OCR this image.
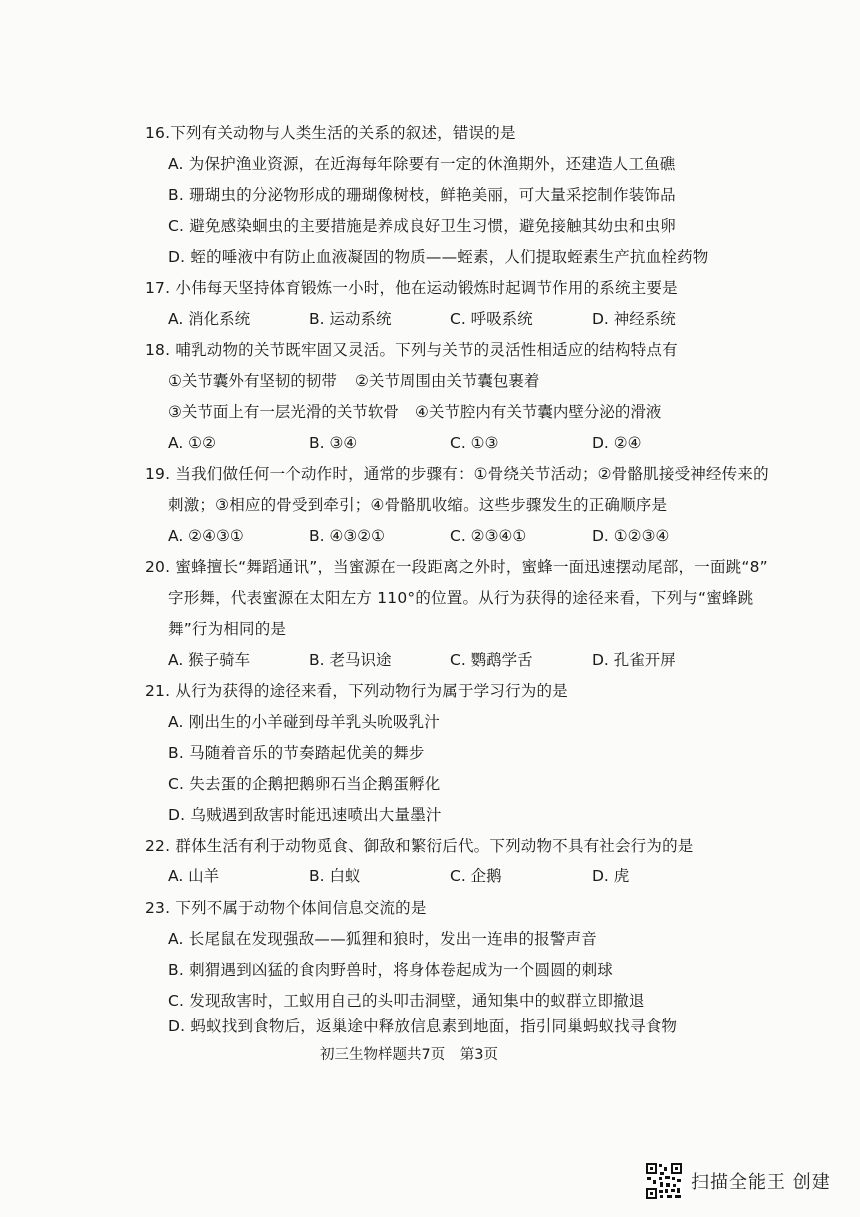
16.下列有关动物与人类生活的关系的叙述，错误的是
A. 为保护渔业资源，在近海每年除要有一定的休渔期外，还建造人工鱼礁
B. 珊瑚虫的分泌物形成的珊瑚像树枝，鲜艳美丽，可大量采挖制作装饰品
C. 避免感染蛔虫的主要措施是养成良好卫生习惯，避免接触其幼虫和虫卵
D. 蛭的唾液中有防止血液凝固的物质——蛭素，人们提取蛭素生产抗血栓药物
17. 小伟每天坚持体育锻炼一小时，他在运动锻炼时起调节作用的系统主要是
A. 消化系统	B. 运动系统	C. 呼吸系统	D. 神经系统
18. 哺乳动物的关节既牢固又灵活。下列与关节的灵活性相适应的结构特点有
①关节囊外有坚韧的韧带 ②关节周围由关节囊包裹着
③关节面上有一层光滑的关节软骨 ④关节腔内有关节囊内壁分泌的滑液
A. ①②	B. ③④	C. ①③	D. ②④
19. 当我们做任何一个动作时，通常的步骤有：①骨绕关节活动；②骨骼肌接受神经传来的
刺激；③相应的骨受到牵引；④骨骼肌收缩。这些步骤发生的正确顺序是
A. ②④③①	B. ④③②①	C. ②③④①	D. ①②③④
20. 蜜蜂擅长“舞蹈通讯”，当蜜源在一段距离之外时，蜜蜂一面迅速摆动尾部，一面跳“8”
字形舞，代表蜜源在太阳左方 110°的位置。从行为获得的途径来看，下列与“蜜蜂跳
舞”行为相同的是
A. 猴子骑车	B. 老马识途	C. 鹦鹉学舌	D. 孔雀开屏
21. 从行为获得的途径来看，下列动物行为属于学习行为的是
A. 刚出生的小羊碰到母羊乳头吮吸乳汁
B. 马随着音乐的节奏踏起优美的舞步
C. 失去蛋的企鹅把鹅卵石当企鹅蛋孵化
D. 乌贼遇到敌害时能迅速喷出大量墨汁
22. 群体生活有利于动物觅食、御敌和繁衍后代。下列动物不具有社会行为的是
A. 山羊	B. 白蚁	C. 企鹅	D. 虎
23. 下列不属于动物个体间信息交流的是
A. 长尾鼠在发现强敌——狐狸和狼时，发出一连串的报警声音
B. 刺猬遇到凶猛的食肉野兽时，将身体卷起成为一个圆圆的刺球
C. 发现敌害时，工蚁用自己的头叩击洞壁，通知集中的蚁群立即撤退
D. 蚂蚁找到食物后，返巢途中释放信息素到地面，指引同巢蚂蚁找寻食物
初三生物样题共7页　第3页
扫描全能王 创建
